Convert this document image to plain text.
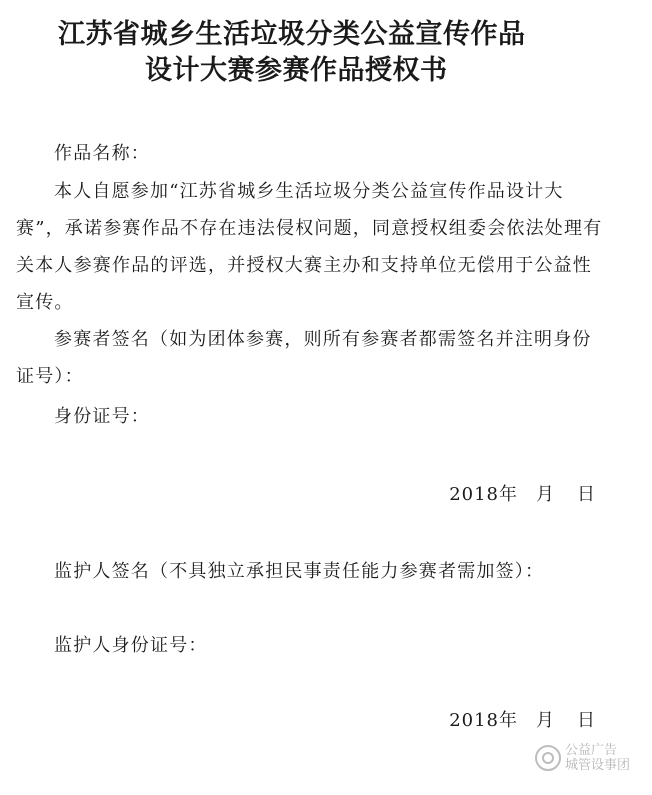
江苏省城乡生活垃圾分类公益宣传作品
设计大赛参赛作品授权书
作品名称：
本人自愿参加“江苏省城乡生活垃圾分类公益宣传作品设计大赛”，承诺参赛作品不存在违法侵权问题，同意授权组委会依法处理有关本人参赛作品的评选，并授权大赛主办和支持单位无偿用于公益性宣传。
参赛者签名（如为团体参赛，则所有参赛者都需签名并注明身份证号）：
身份证号：
2018年 月 日
监护人签名（不具独立承担民事责任能力参赛者需加签）：
监护人身份证号：
2018年 月 日
公益广告
城管设事团
